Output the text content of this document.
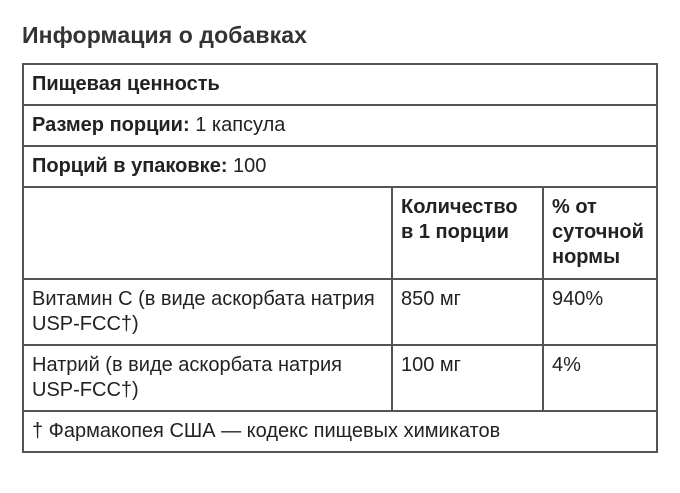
Информация о добавках
Пищевая ценность		
Размер порции: 1 капсула		
Порций в упаковке: 100		
	Количество в 1 порции	% от суточной нормы
Витамин С (в виде аскорбата натрия USP-FCC†)	850 мг	940%
Натрий (в виде аскорбата натрия USP-FCC†)	100 мг	4%
† Фармакопея США — кодекс пищевых химикатов		
